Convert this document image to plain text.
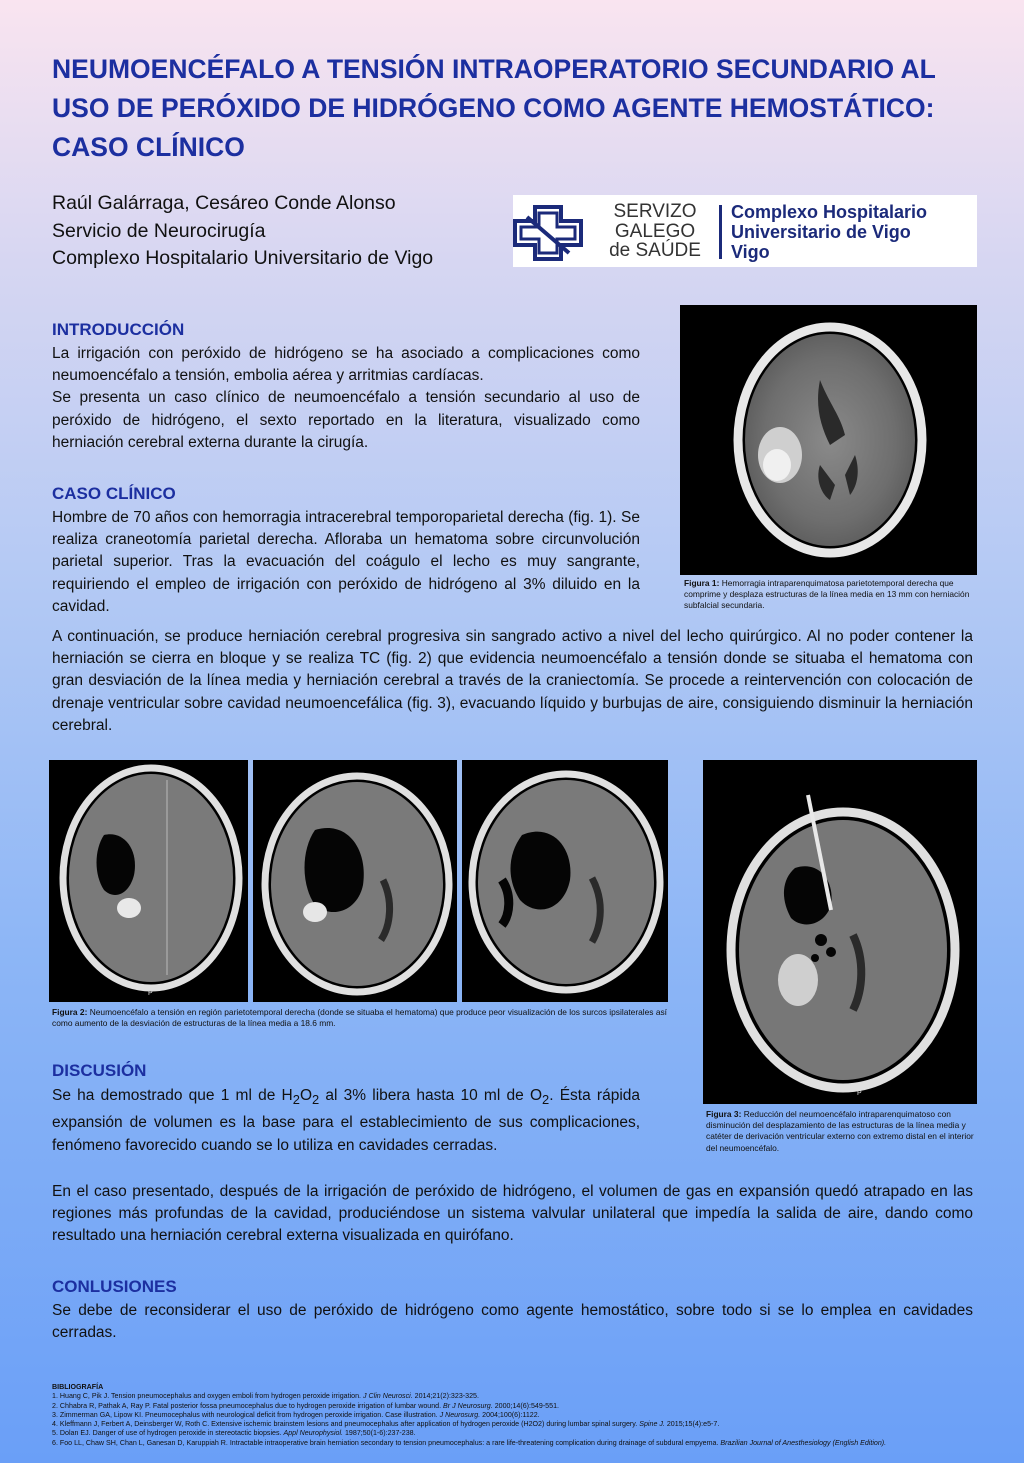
NEUMOENCÉFALO A TENSIÓN INTRAOPERATORIO SECUNDARIO AL
USO DE PERÓXIDO DE HIDRÓGENO COMO AGENTE HEMOSTÁTICO:
CASO CLÍNICO
Raúl Galárraga, Cesáreo Conde Alonso
Servicio de Neurocirugía
Complexo Hospitalario Universitario de Vigo
SERVIZO
GALEGO
de SAÚDE
Complexo Hospitalario
Universitario de Vigo
Vigo
INTRODUCCIÓN

La irrigación con peróxido de hidrógeno se ha asociado a complicaciones como neumoencéfalo a tensión, embolia aérea y arritmias cardíacas.
Se presenta un caso clínico de neumoencéfalo a tensión secundario al uso de peróxido de hidrógeno, el sexto reportado en la literatura, visualizado como herniación cerebral externa durante la cirugía.

Figura 1: Hemorragia intraparenquimatosa parietotemporal derecha que comprime y desplaza estructuras de la línea media en 13 mm con herniación subfalcial secundaria.
CASO CLÍNICO

Hombre de 70 años con hemorragia intracerebral temporoparietal derecha (fig. 1). Se realiza craneotomía parietal derecha. Afloraba un hematoma sobre circunvolución parietal superior. Tras la evacuación del coágulo el lecho es muy sangrante, requiriendo el empleo de irrigación con peróxido de hidrógeno al 3% diluido en la cavidad.

A continuación, se produce herniación cerebral progresiva sin sangrado activo a nivel del lecho quirúrgico. Al no poder contener la herniación se cierra en bloque y se realiza TC (fig. 2) que evidencia neumoencéfalo a tensión donde se situaba el hematoma con gran desviación de la línea media y herniación cerebral a través de la craniectomía. Se procede a reintervención con colocación de drenaje ventricular sobre cavidad neumoencefálica (fig. 3), evacuando líquido y burbujas de aire, consiguiendo disminuir la herniación cerebral.

P
Figura 2: Neumoencéfalo a tensión en región parietotemporal derecha (donde se situaba el hematoma) que produce peor visualización de los surcos ipsilaterales así como aumento de la desviación de estructuras de la línea media a 18.6 mm.
P
Figura 3: Reducción del neumoencéfalo intraparenquimatoso con disminución del desplazamiento de las estructuras de la línea media y catéter de derivación ventricular externo con extremo distal en el interior del neumoencéfalo.
DISCUSIÓN

Se ha demostrado que 1 ml de $H_2O_2$ al 3% libera hasta 10 ml de $O_2$. Ésta rápida expansión de volumen es la base para el establecimiento de sus complicaciones, fenómeno favorecido cuando se lo utiliza en cavidades cerradas.

En el caso presentado, después de la irrigación de peróxido de hidrógeno, el volumen de gas en expansión quedó atrapado en las regiones más profundas de la cavidad, produciéndose un sistema valvular unilateral que impedía la salida de aire, dando como resultado una herniación cerebral externa visualizada en quirófano.

CONLUSIONES

Se debe de reconsiderar el uso de peróxido de hidrógeno como agente hemostático, sobre todo si se lo emplea en cavidades cerradas.

BIBLIOGRAFÍA
1. Huang C, Pik J. Tension pneumocephalus and oxygen emboli from hydrogen peroxide irrigation. J Clin Neurosci. 2014;21(2):323-325.
2. Chhabra R, Pathak A, Ray P. Fatal posterior fossa pneumocephalus due to hydrogen peroxide irrigation of lumbar wound. Br J Neurosurg. 2000;14(6):549-551.
3. Zimmerman GA, Lipow KI. Pneumocephalus with neurological deficit from hydrogen peroxide irrigation. Case illustration. J Neurosurg. 2004;100(6):1122.
4. Kleffmann J, Ferbert A, Deinsberger W, Roth C. Extensive ischemic brainstem lesions and pneumocephalus after application of hydrogen peroxide (H2O2) during lumbar spinal surgery. Spine J. 2015;15(4):e5-7.
5. Dolan EJ. Danger of use of hydrogen peroxide in stereotactic biopsies. Appl Neurophysiol. 1987;50(1-6):237-238.
6. Foo LL, Chaw SH, Chan L, Ganesan D, Karuppiah R. Intractable intraoperative brain herniation secondary to tension pneumocephalus: a rare life-threatening complication during drainage of subdural empyema. Brazilian Journal of Anesthesiology (English Edition).
